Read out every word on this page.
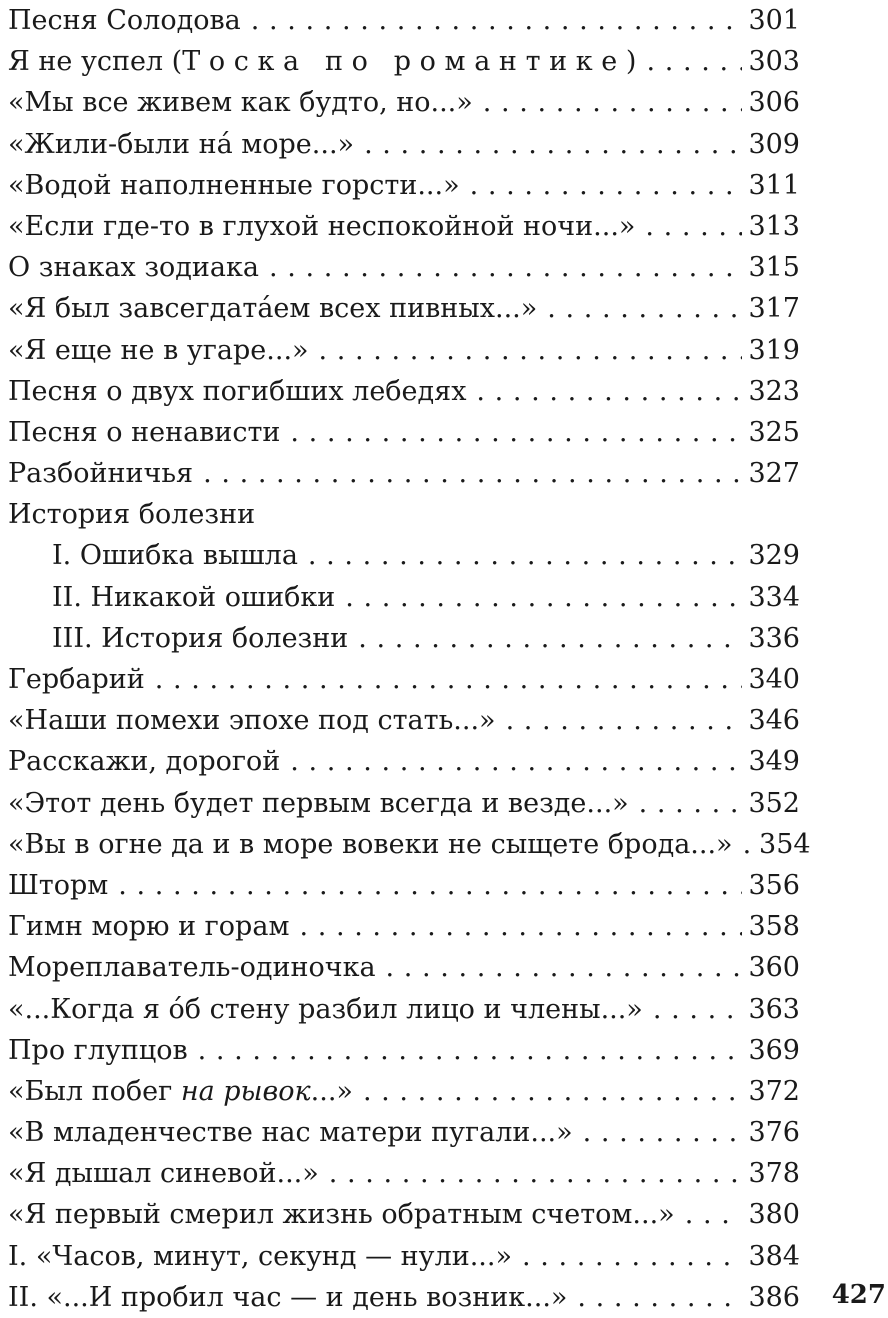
Песня Солодова . . .	301
Я не успел (Тоска по романтике) . . .	303
«Мы все живем как будто, но...» . . .	306
«Жили-были на́ море...» . . .	309
«Водой наполненные горсти...» . . .	311
«Если где-то в глухой неспокойной ночи...» . . .	313
О знаках зодиака . . .	315
«Я был завсегдата́ем всех пивных...» . . .	317
«Я еще не в угаре...» . . .	319
Песня о двух погибших лебедях . . .	323
Песня о ненависти . . .	325
Разбойничья . . .	327
История болезни
I. Ошибка вышла . . .	329
II. Никакой ошибки . . .	334
III. История болезни . . .	336
Гербарий . . .	340
«Наши помехи эпохе под стать...» . . .	346
Расскажи, дорогой . . .	349
«Этот день будет первым всегда и везде...» . . .	352
«Вы в огне да и в море вовеки не сыщете брода...» . . . 354
Шторм . . .	356
Гимн морю и горам . . .	358
Мореплаватель-одиночка . . .	360
«...Когда я о́б стену разбил лицо и члены...» . . .	363
Про глупцов . . .	369
«Был побег на рывок...» . . .	372
«В младенчестве нас матери пугали...» . . .	376
«Я дышал синевой...» . . .	378
«Я первый смерил жизнь обратным счетом...» . . .	380
I. «Часов, минут, секунд — нули...» . . .	384
II. «...И пробил час — и день возник...» . . .	386 427
